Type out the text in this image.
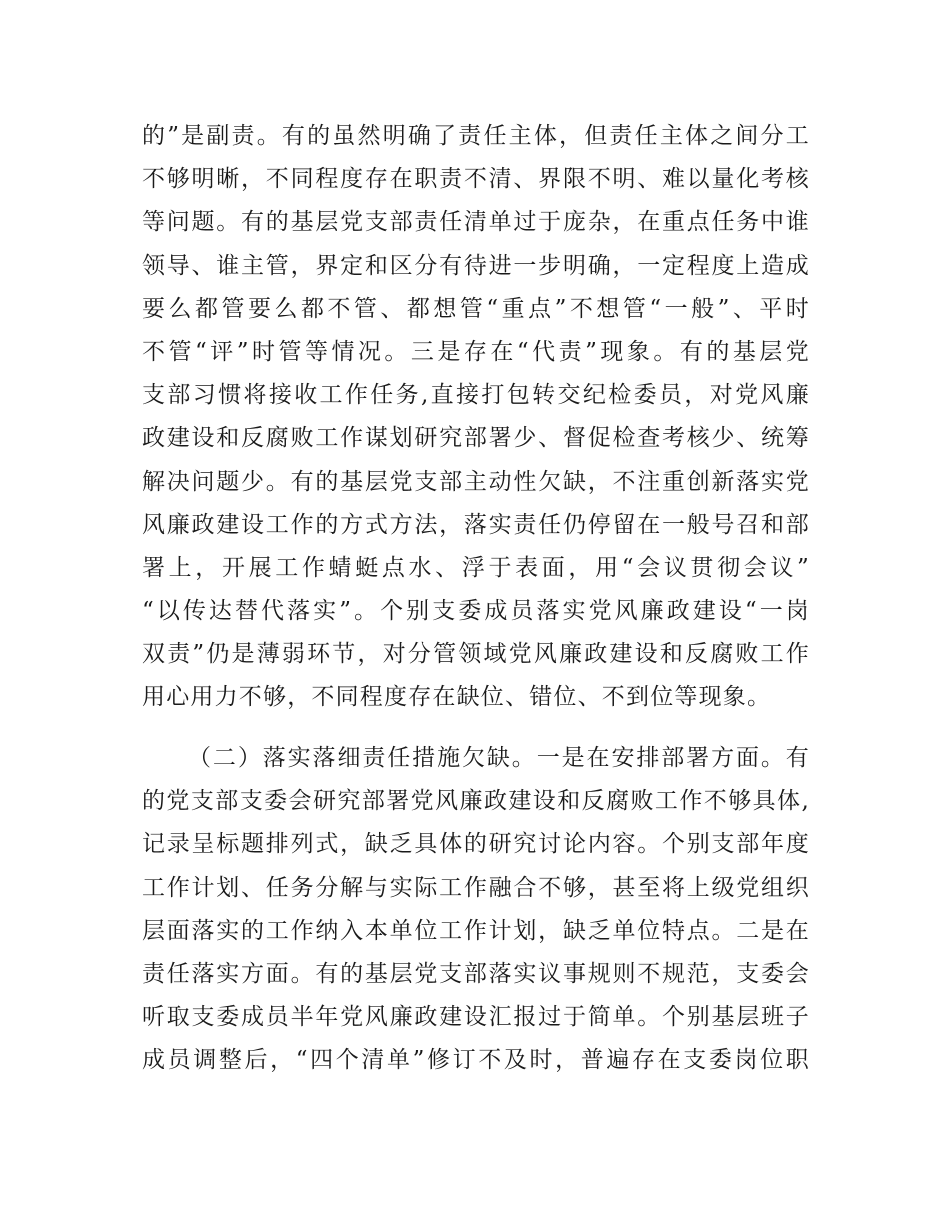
的”是副责。有的虽然明确了责任主体，但责任主体之间分工
不够明晰，不同程度存在职责不清、界限不明、难以量化考核
等问题。有的基层党支部责任清单过于庞杂，在重点任务中谁
领导、谁主管，界定和区分有待进一步明确，一定程度上造成
要么都管要么都不管、都想管“重点”不想管“一般”、平时
不管“评”时管等情况。三是存在“代责”现象。有的基层党
支部习惯将接收工作任务,直接打包转交纪检委员，对党风廉
政建设和反腐败工作谋划研究部署少、督促检查考核少、统筹
解决问题少。有的基层党支部主动性欠缺，不注重创新落实党
风廉政建设工作的方式方法，落实责任仍停留在一般号召和部
署上，开展工作蜻蜓点水、浮于表面，用“会议贯彻会议”
“以传达替代落实”。个别支委成员落实党风廉政建设“一岗
双责”仍是薄弱环节，对分管领域党风廉政建设和反腐败工作
用心用力不够，不同程度存在缺位、错位、不到位等现象。
（二）落实落细责任措施欠缺。一是在安排部署方面。有
的党支部支委会研究部署党风廉政建设和反腐败工作不够具体,
记录呈标题排列式，缺乏具体的研究讨论内容。个别支部年度
工作计划、任务分解与实际工作融合不够，甚至将上级党组织
层面落实的工作纳入本单位工作计划，缺乏单位特点。二是在
责任落实方面。有的基层党支部落实议事规则不规范，支委会
听取支委成员半年党风廉政建设汇报过于简单。个别基层班子
成员调整后，“四个清单”修订不及时，普遍存在支委岗位职
